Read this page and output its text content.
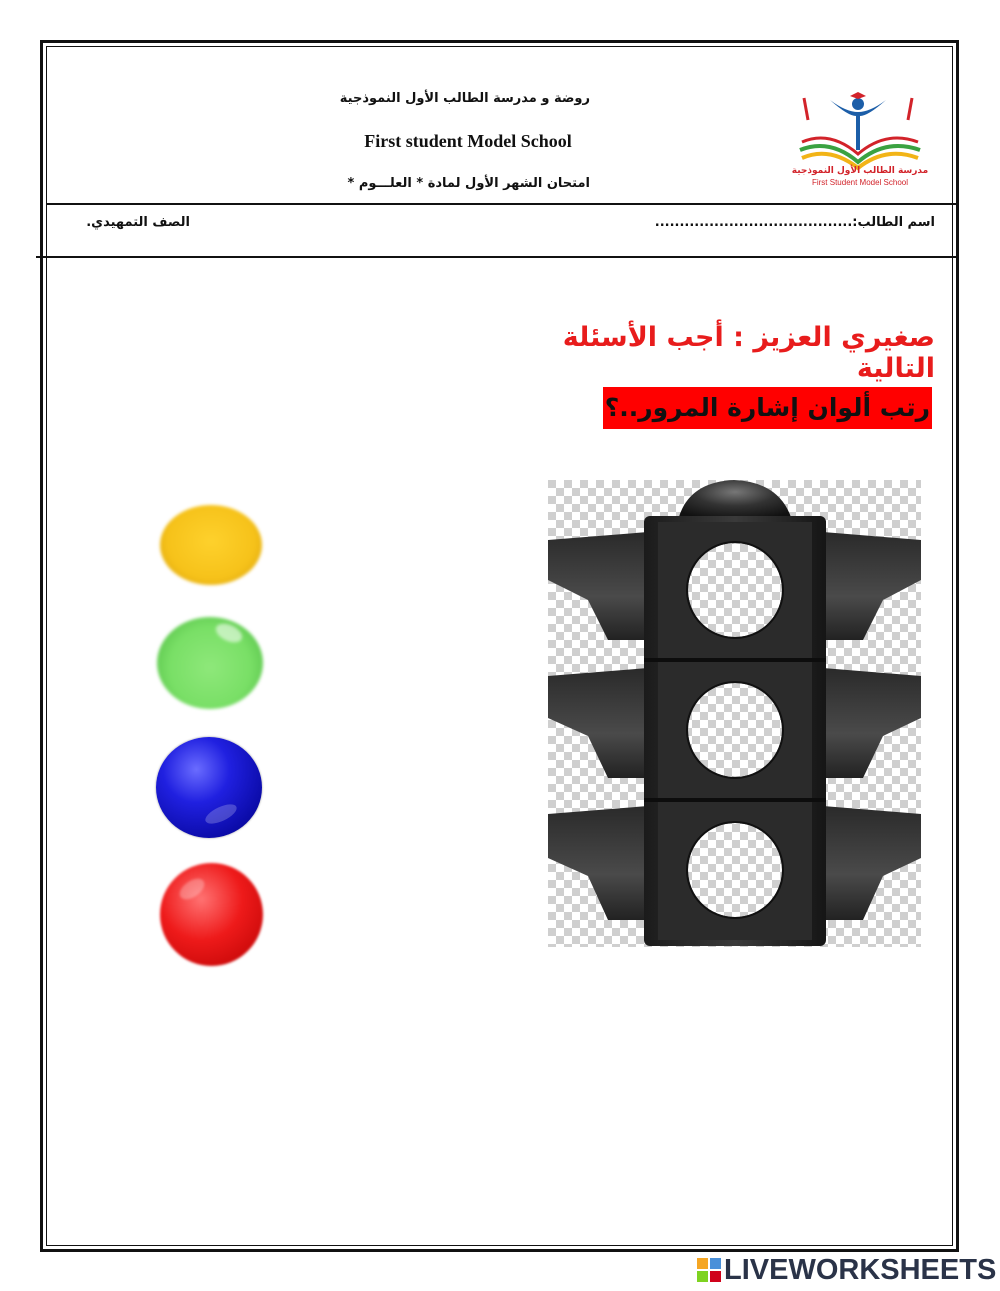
روضة و مدرسة الطالب الأول النموذجية
First student Model School
امتحان الشهر الأول لمادة * العلـــوم *
اسم الطالب:........................................
الصف التمهيدي.
مدرسة الطالب الأول النموذجية
First Student Model School
صغيري العزيز : أجب الأسئلة التالية
رتب ألوان إشارة المرور..؟
LIVEWORKSHEETS
